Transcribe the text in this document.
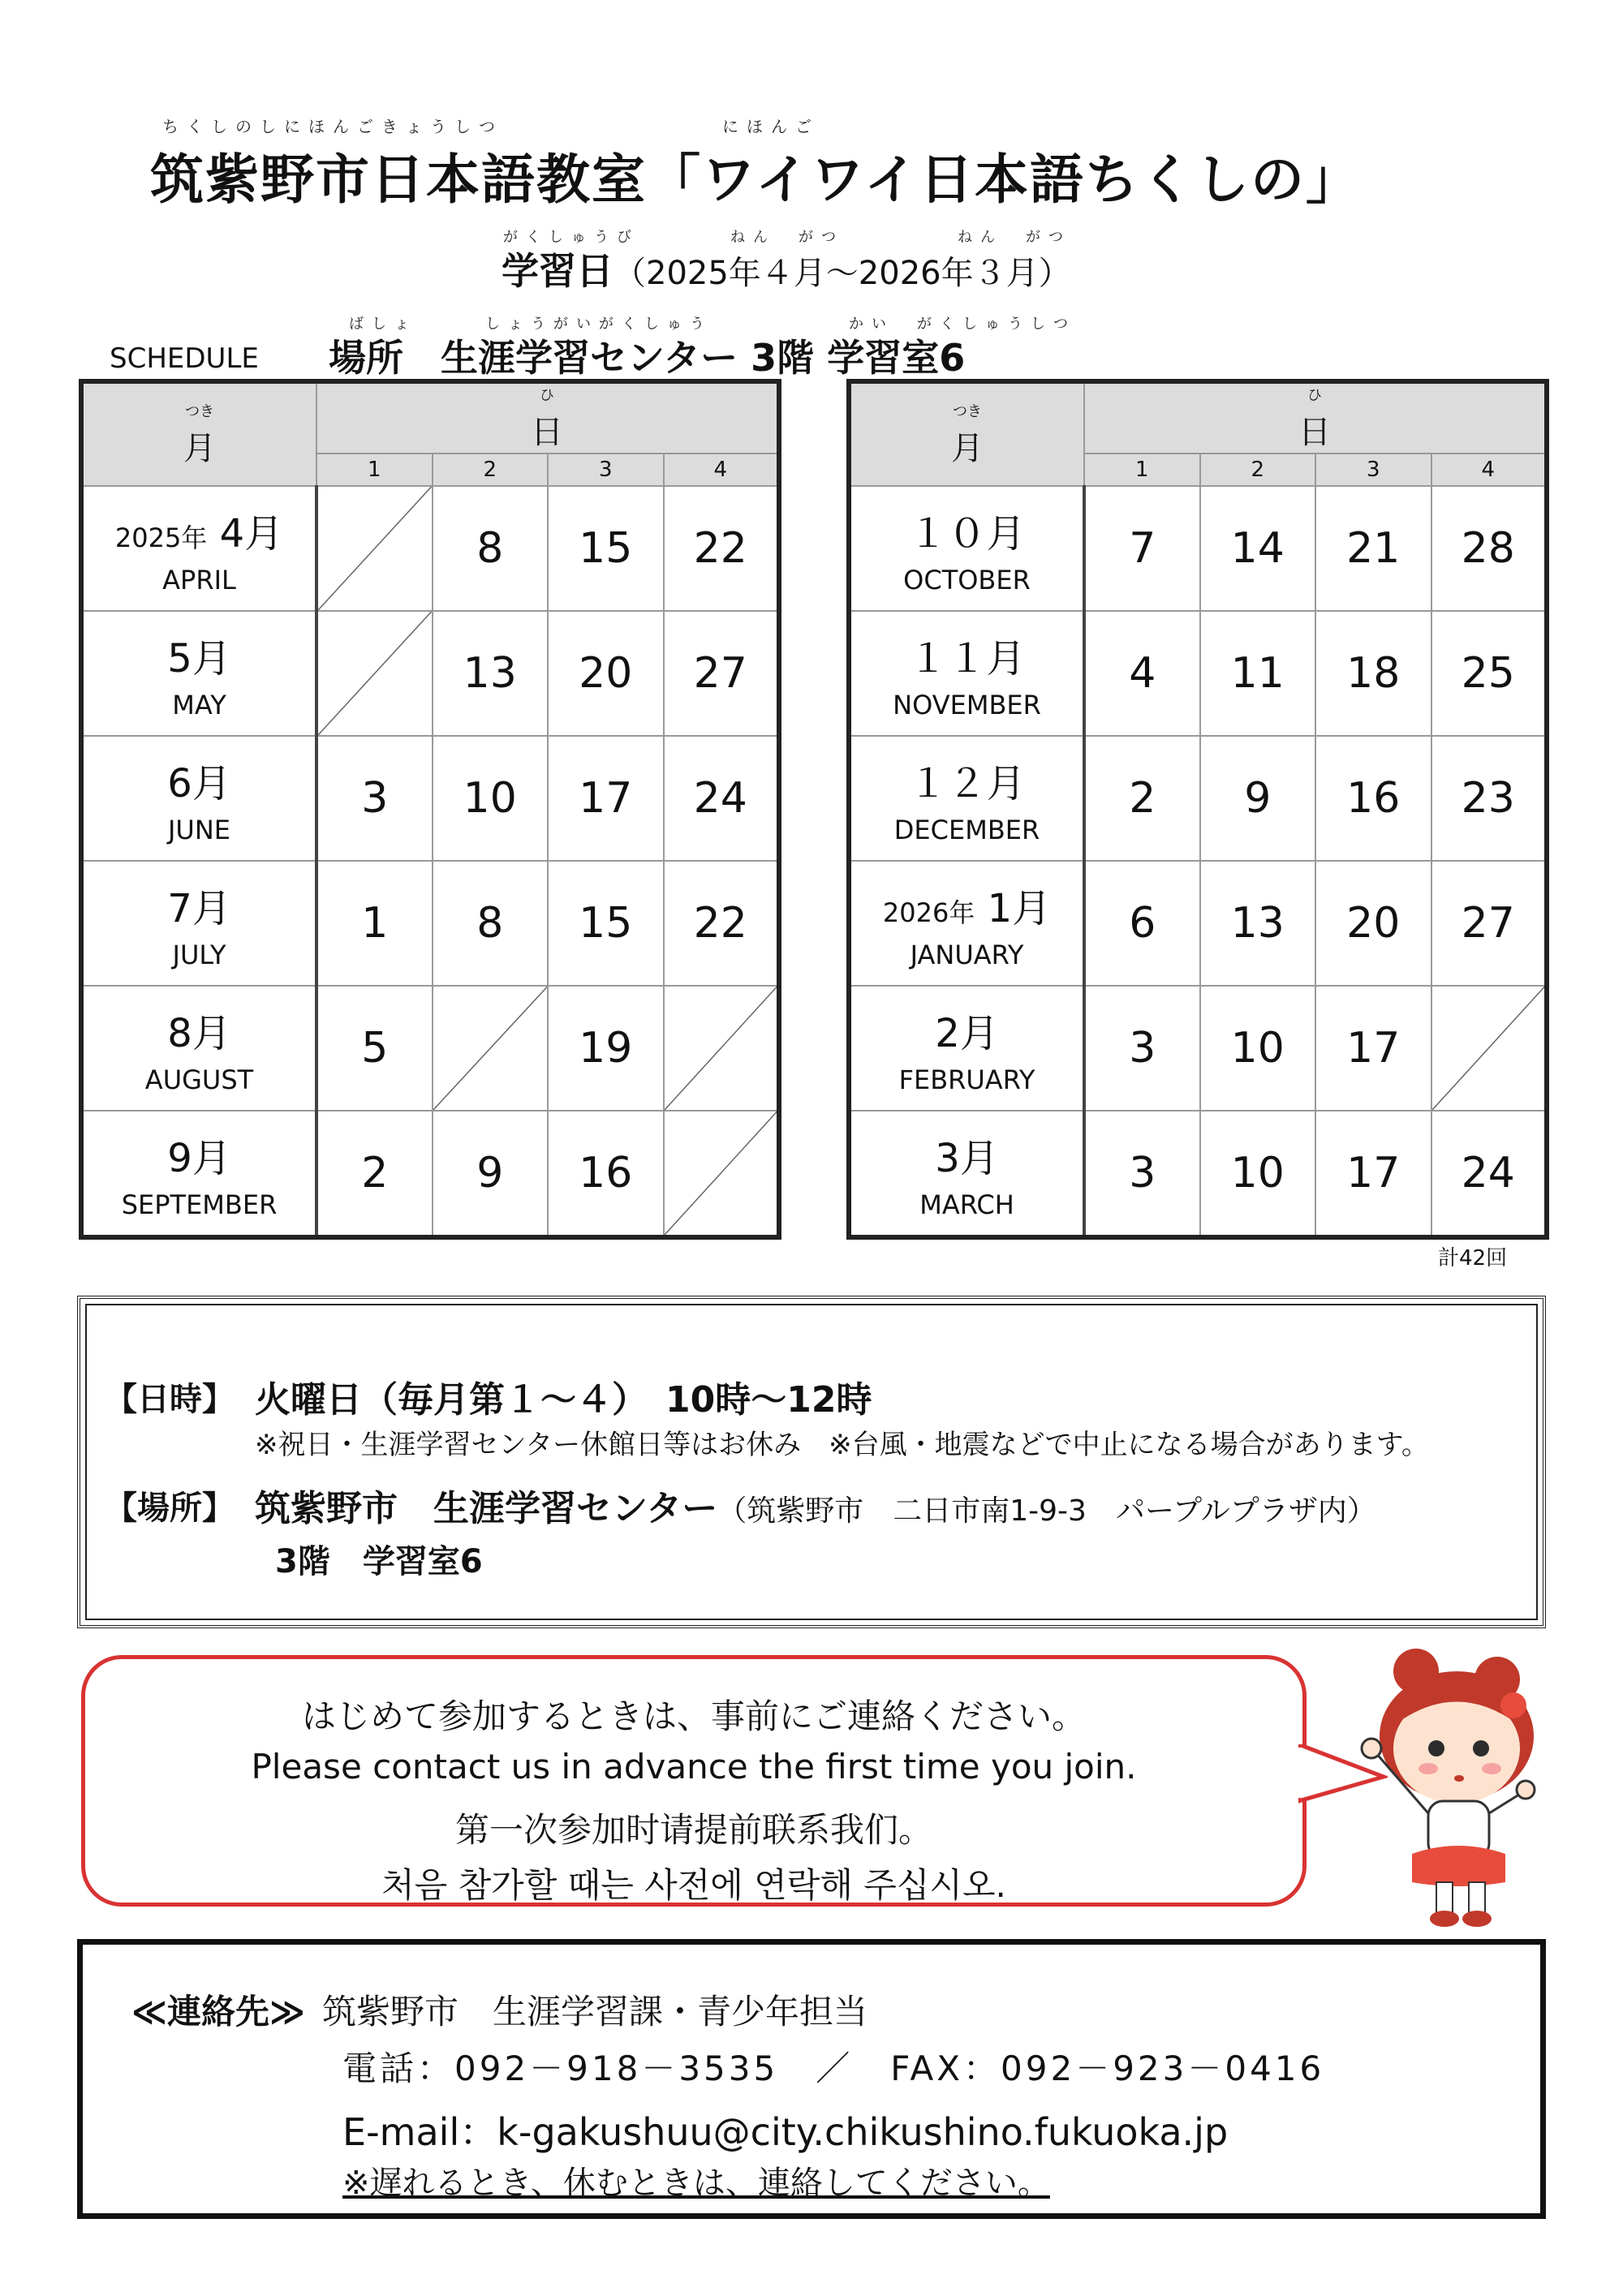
ちくしのしにほんごきょうしつ　　　　　　　　　にほんご
筑紫野市日本語教室「ワイワイ日本語ちくしの」
がくしゅうび　　　　ねん　がつ　　　　　ねん　がつ
学習日（2025年４月～2026年３月）
ばしょ　　　しょうがいがくしゅう　　　　　　かい　がくしゅうしつ
SCHEDULE 場所　生涯学習センター 3階 学習室6
つき
月	ひ
日			
	1	2	3	4

2025年 4月
APRIL		8	15	22

5月
MAY		13	20	27

6月
JUNE	3	10	17	24

7月
JULY	1	8	15	22

8月
AUGUST	5		19	

9月
SEPTEMBER	2	9	16	
つき
月	ひ
日			
	1	2	3	4

１０月
OCTOBER	7	14	21	28

１１月
NOVEMBER	4	11	18	25

１２月
DECEMBER	2	9	16	23

2026年 1月
JANUARY	6	13	20	27

2月
FEBRUARY	3	10	17	

3月
MARCH	3	10	17	24
計42回
【日時】 火曜日（毎月第１～４）　10時～12時
※祝日・生涯学習センター休館日等はお休み　※台風・地震などで中止になる場合があります。
【場所】 筑紫野市　生涯学習センター（筑紫野市　二日市南1-9-3　パープルプラザ内）
3階　学習室6
はじめて参加するときは、事前にご連絡ください。
Please contact us in advance the first time you join.
第一次参加时请提前联系我们。
처음 참가할 때는 사전에 연락해 주십시오.
≪連絡先≫ 筑紫野市　生涯学習課・青少年担当
電話：092－918－3535　／　FAX：092－923－0416
E-mail：k-gakushuu@city.chikushino.fukuoka.jp
※遅れるとき、休むときは、連絡してください。
